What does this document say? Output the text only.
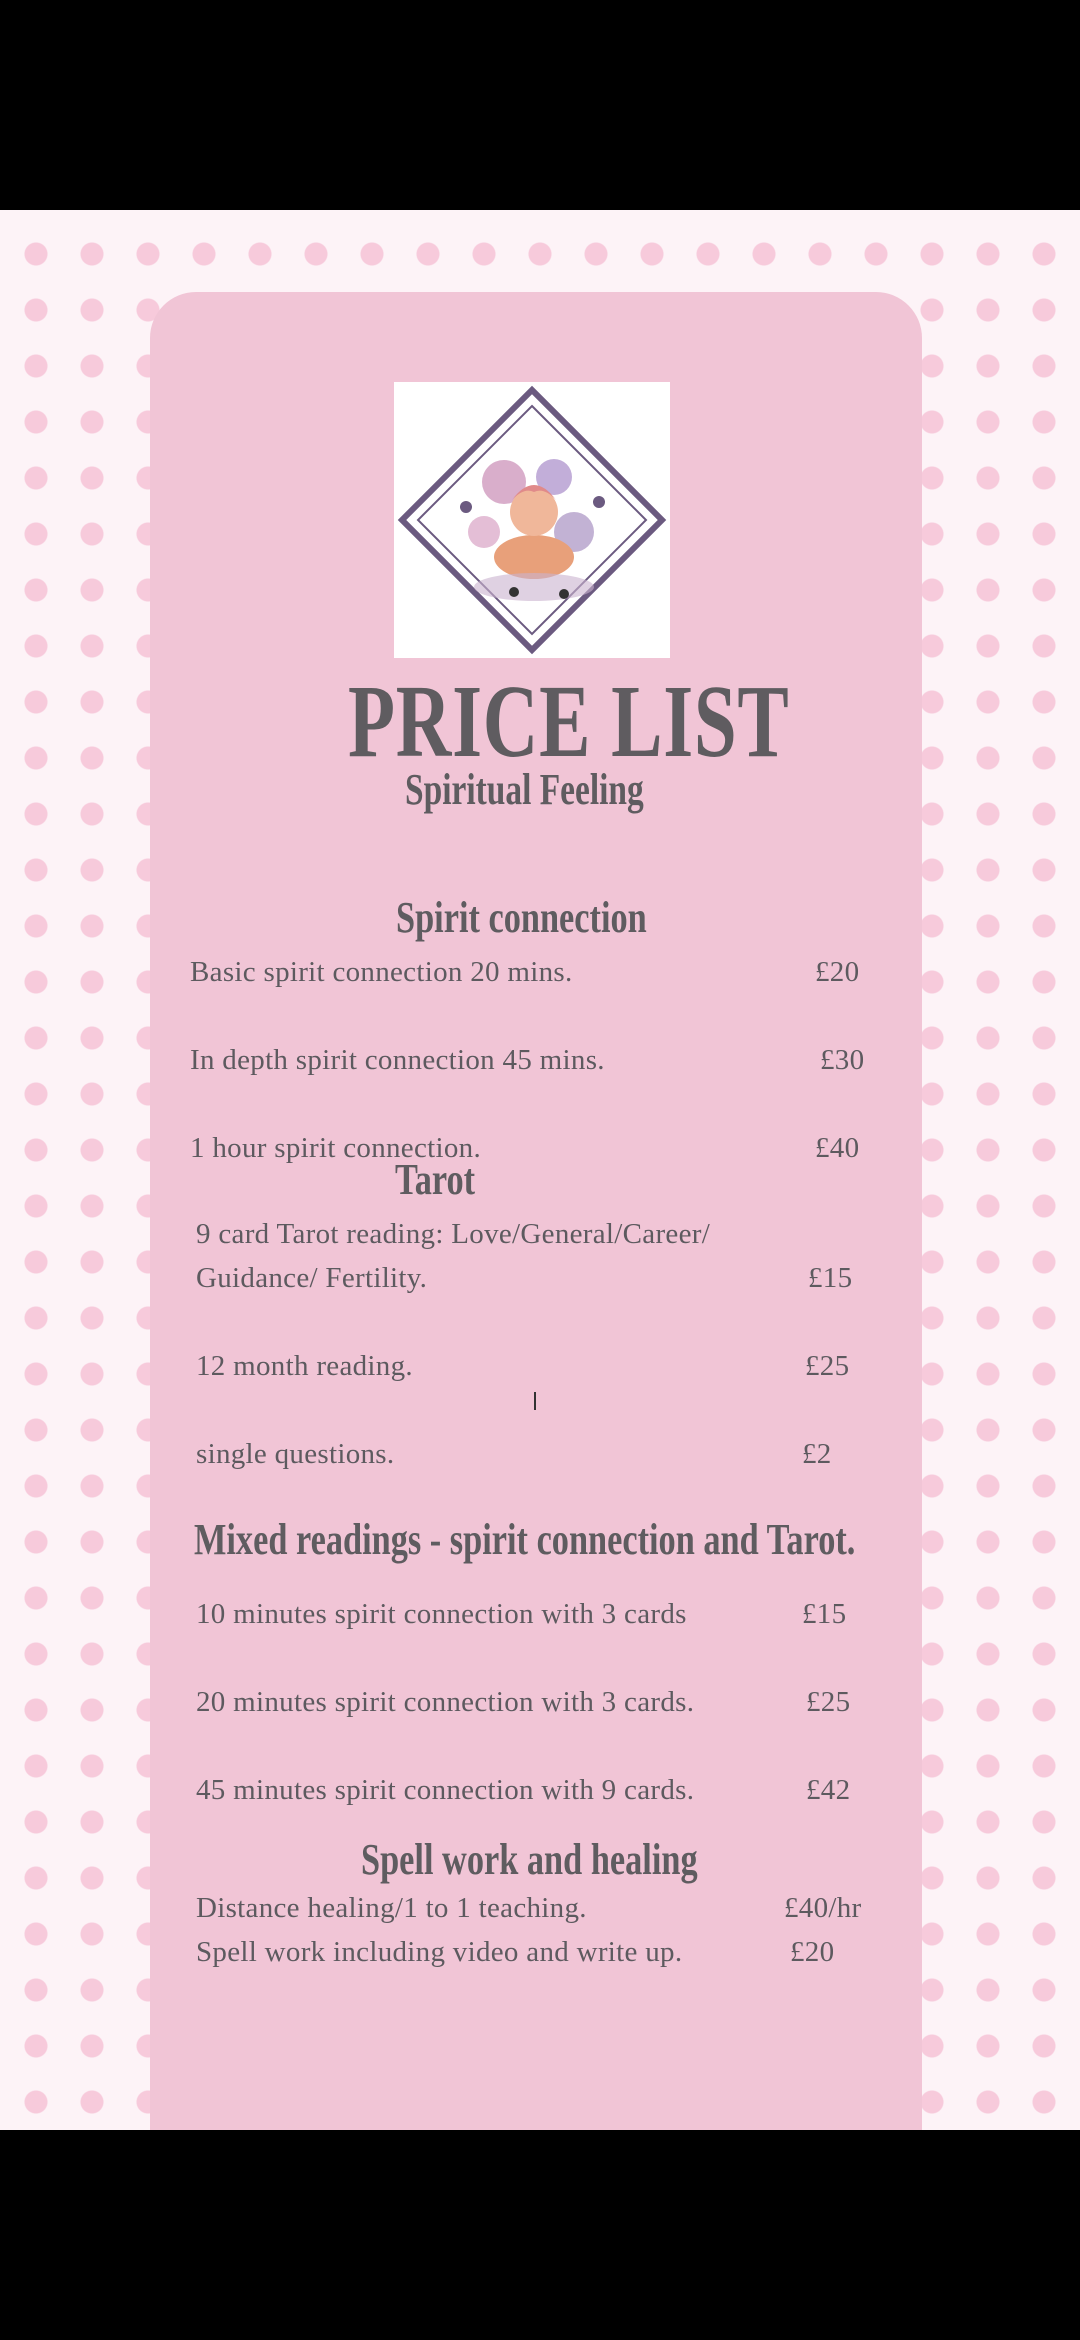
PRICE LIST
Spiritual Feeling
Spirit connection
Basic spirit connection 20 mins.	£20
In depth spirit connection 45 mins.	£30
1 hour spirit connection.	£40
Tarot
9 card Tarot reading: Love/General/Career/
Guidance/ Fertility.	£15
12 month reading.	£25
single questions.	£2
Mixed readings - spirit connection and Tarot.
10 minutes spirit connection with 3 cards	£15
20 minutes spirit connection with 3 cards.	£25
45 minutes spirit connection with 9 cards.	£42
Spell work and healing
Distance healing/1 to 1 teaching.	£40/hr
Spell work including video and write up.	£20
